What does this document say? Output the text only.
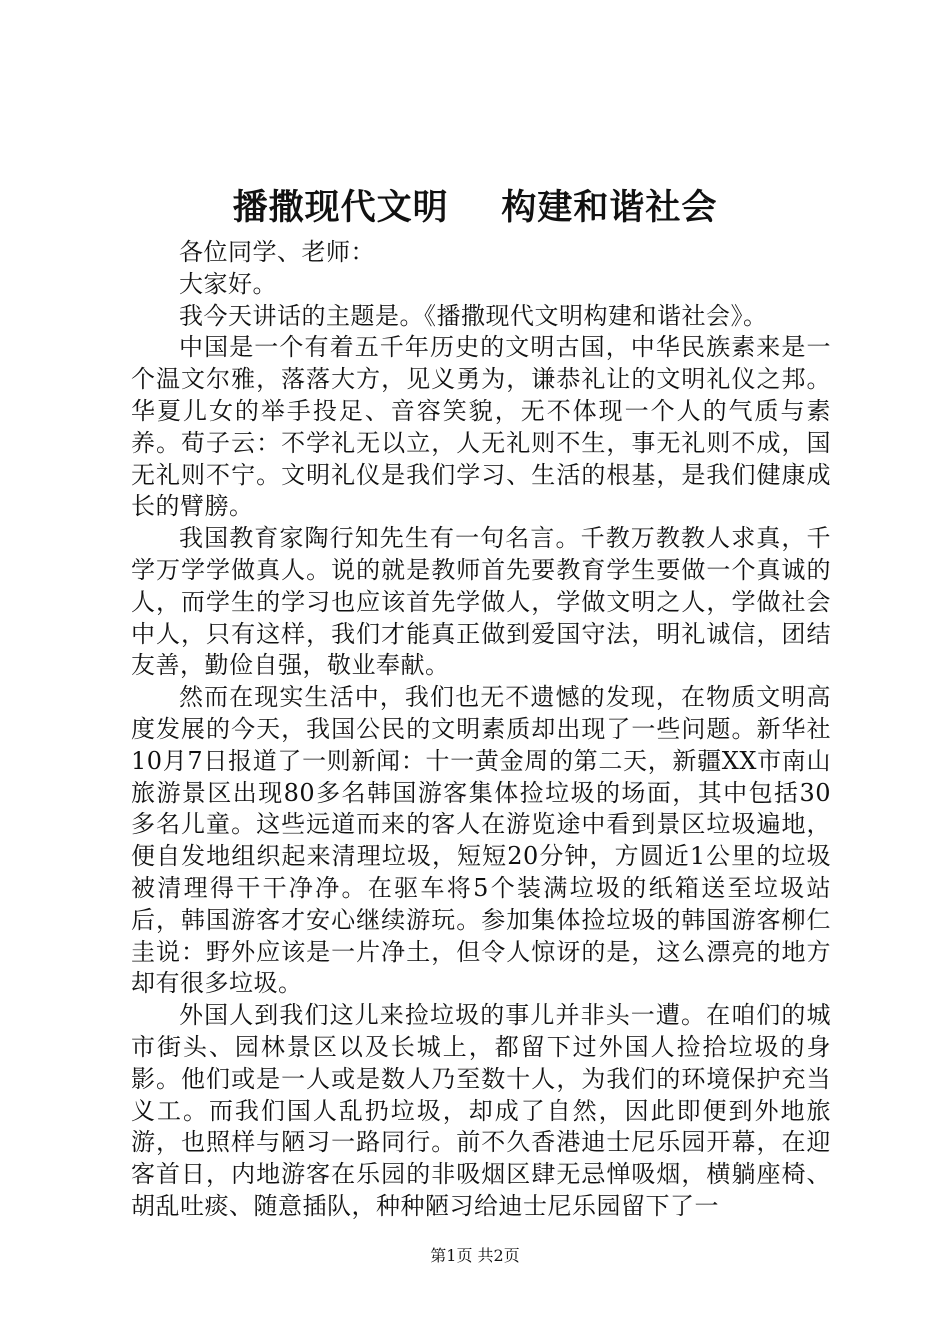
播撒现代文明    构建和谐社会

各位同学、老师：

大家好。

我今天讲话的主题是。《播撒现代文明构建和谐社会》。

中国是一个有着五千年历史的文明古国，中华民族素来是一个温文尔雅，落落大方，见义勇为，谦恭礼让的文明礼仪之邦。华夏儿女的举手投足、音容笑貌，无不体现一个人的气质与素养。荀子云：不学礼无以立，人无礼则不生，事无礼则不成，国无礼则不宁。文明礼仪是我们学习、生活的根基，是我们健康成长的臂膀。

我国教育家陶行知先生有一句名言。千教万教教人求真，千学万学学做真人。说的就是教师首先要教育学生要做一个真诚的人，而学生的学习也应该首先学做人，学做文明之人，学做社会中人，只有这样，我们才能真正做到爱国守法，明礼诚信，团结友善，勤俭自强，敬业奉献。

然而在现实生活中，我们也无不遗憾的发现，在物质文明高度发展的今天，我国公民的文明素质却出现了一些问题。新华社10月7日报道了一则新闻：十一黄金周的第二天，新疆XX市南山旅游景区出现80多名韩国游客集体捡垃圾的场面，其中包括30多名儿童。这些远道而来的客人在游览途中看到景区垃圾遍地，便自发地组织起来清理垃圾，短短20分钟，方圆近1公里的垃圾被清理得干干净净。在驱车将5个装满垃圾的纸箱送至垃圾站后，韩国游客才安心继续游玩。参加集体捡垃圾的韩国游客柳仁圭说：野外应该是一片净土，但令人惊讶的是，这么漂亮的地方却有很多垃圾。

外国人到我们这儿来捡垃圾的事儿并非头一遭。在咱们的城市街头、园林景区以及长城上，都留下过外国人捡拾垃圾的身影。他们或是一人或是数人乃至数十人，为我们的环境保护充当义工。而我们国人乱扔垃圾，却成了自然，因此即便到外地旅游，也照样与陋习一路同行。前不久香港迪士尼乐园开幕，在迎客首日，内地游客在乐园的非吸烟区肆无忌惮吸烟，横躺座椅、胡乱吐痰、随意插队，种种陋习给迪士尼乐园留下了一

第1页 共2页
